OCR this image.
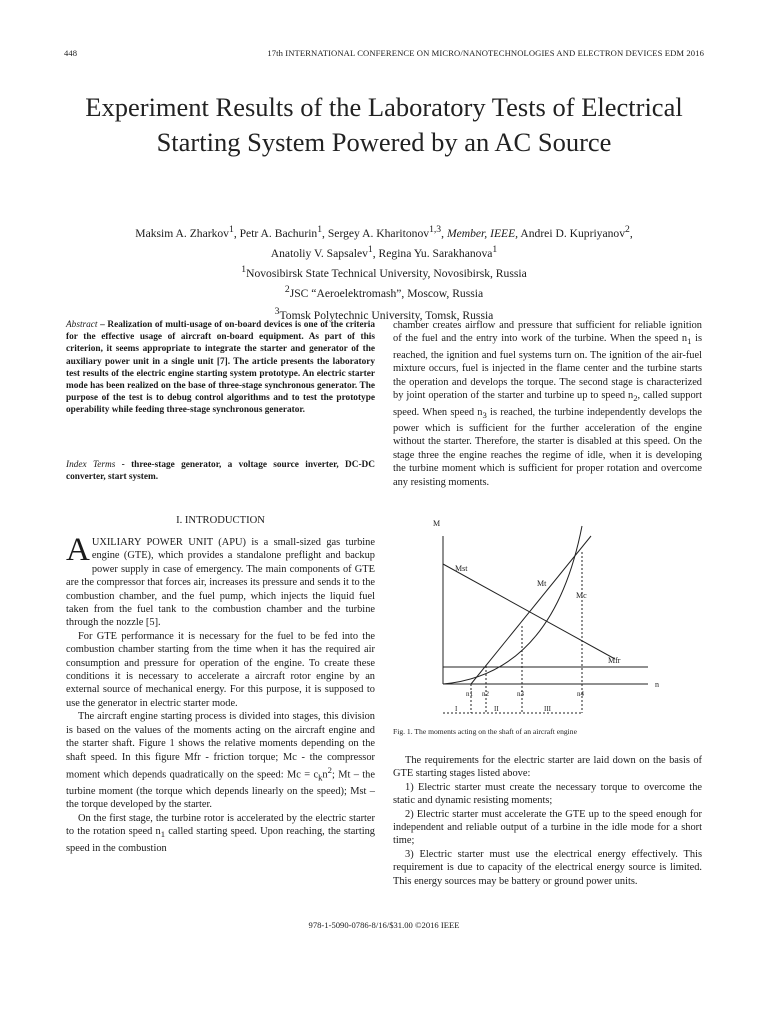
448	17th INTERNATIONAL CONFERENCE ON MICRO/NANOTECHNOLOGIES AND ELECTRON DEVICES EDM 2016
Experiment Results of the Laboratory Tests of Electrical Starting System Powered by an AC Source
Maksim A. Zharkov$^1$, Petr A. Bachurin$^1$, Sergey A. Kharitonov$^{1,3}$, Member, IEEE, Andrei D. Kupriyanov$^2$,
Anatoliy V. Sapsalev$^1$, Regina Yu. Sarakhanova$^1$
$^1$Novosibirsk State Technical University, Novosibirsk, Russia
$^2$JSC “Aeroelektromash”, Moscow, Russia
$^3$Tomsk Polytechnic University, Tomsk, Russia

Abstract – Realization of multi-usage of on-board devices is one of the criteria for the effective usage of aircraft on-board equipment. As part of this criterion, it seems appropriate to integrate the starter and generator of the auxiliary power unit in a single unit [7]. The article presents the laboratory test results of the electric engine starting system prototype. An electric starter mode has been realized on the base of three-stage synchronous generator. The purpose of the test is to debug control algorithms and to test the prototype operability while feeding three-stage synchronous generator.

Index Terms - three-stage generator, a voltage source inverter, DC-DC converter, start system.

I. INTRODUCTION

AUXILIARY POWER UNIT (APU) is a small-sized gas turbine engine (GTE), which provides a standalone preflight and backup power supply in case of emergency. The main components of GTE are the compressor that forces air, increases its pressure and sends it to the combustion chamber, and the fuel pump, which injects the liquid fuel taken from the fuel tank to the combustion chamber and the turbine through the nozzle [5].

For GTE performance it is necessary for the fuel to be fed into the combustion chamber starting from the time when it has the required air consumption and pressure for operation of the engine. To create these conditions it is necessary to accelerate a aircraft rotor engine by an external source of mechanical energy. For this purpose, it is supposed to use the generator in electric starter mode.

The aircraft engine starting process is divided into stages, this division is based on the values of the moments acting on the aircraft engine and the starter shaft. Figure 1 shows the relative moments depending on the shaft speed. In this figure Mfr - friction torque; Mc - the compressor moment which depends quadratically on the speed: $Mc = c_kn^2$; Mt – the turbine moment (the torque which depends linearly on the speed); Mst – the torque developed by the starter.

On the first stage, the turbine rotor is accelerated by the electric starter to the rotation speed $n_1$ called starting speed. Upon reaching, the starting speed in the combustion

chamber creates airflow and pressure that sufficient for reliable ignition of the fuel and the entry into work of the turbine. When the speed $n_1$ is reached, the ignition and fuel systems turn on. The ignition of the air-fuel mixture occurs, fuel is injected in the flame center and the turbine starts the operation and develops the torque. The second stage is characterized by joint operation of the starter and turbine up to speed $n_2$, called support speed. When speed $n_3$ is reached, the turbine independently develops the power which is sufficient for the further acceleration of the engine without the starter. Therefore, the starter is disabled at this speed. On the stage three the engine reaches the regime of idle, when it is developing the turbine moment which is sufficient for proper rotation and overcome any resisting moments.

M
n
Mst
Mt
Mc
Mfr
n1 n2	n3	n4
I	II	III
Fig. 1. The moments acting on the shaft of an aircraft engine

The requirements for the electric starter are laid down on the basis of GTE starting stages listed above:

1) Electric starter must create the necessary torque to overcome the static and dynamic resisting moments;

2) Electric starter must accelerate the GTE up to the speed enough for independent and reliable output of a turbine in the idle mode for a short time;

3) Electric starter must use the electrical energy effectively. This requirement is due to capacity of the electrical energy source is limited. This energy sources may be battery or ground power units.

978-1-5090-0786-8/16/$31.00 ©2016 IEEE
